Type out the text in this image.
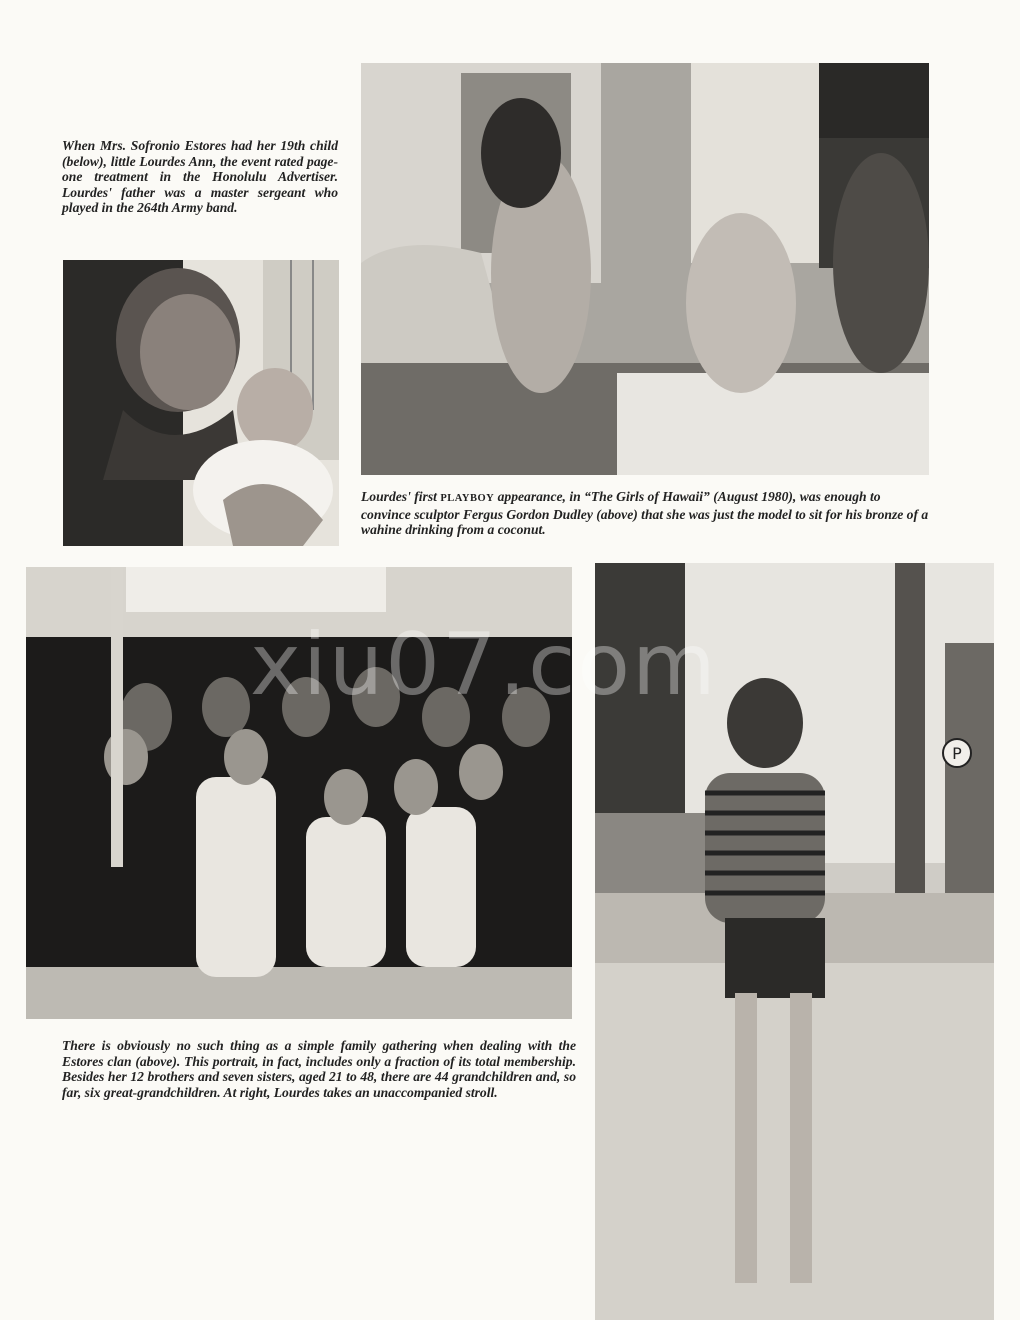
When Mrs. Sofronio Estores had her 19th child (below), little Lourdes Ann, the event rated page-one treatment in the Honolulu Advertiser. Lourdes' father was a master sergeant who played in the 264th Army band.
Lourdes' first PLAYBOY appearance, in “The Girls of Hawaii” (August 1980), was enough to convince sculptor Fergus Gordon Dudley (above) that she was just the model to sit for his bronze of a wahine drinking from a coconut.
There is obviously no such thing as a simple family gathering when dealing with the Estores clan (above). This portrait, in fact, includes only a fraction of its total membership. Besides her 12 brothers and seven sisters, aged 21 to 48, there are 44 grandchildren and, so far, six great-grandchildren. At right, Lourdes takes an unaccompanied stroll.
P
xiu07.com
